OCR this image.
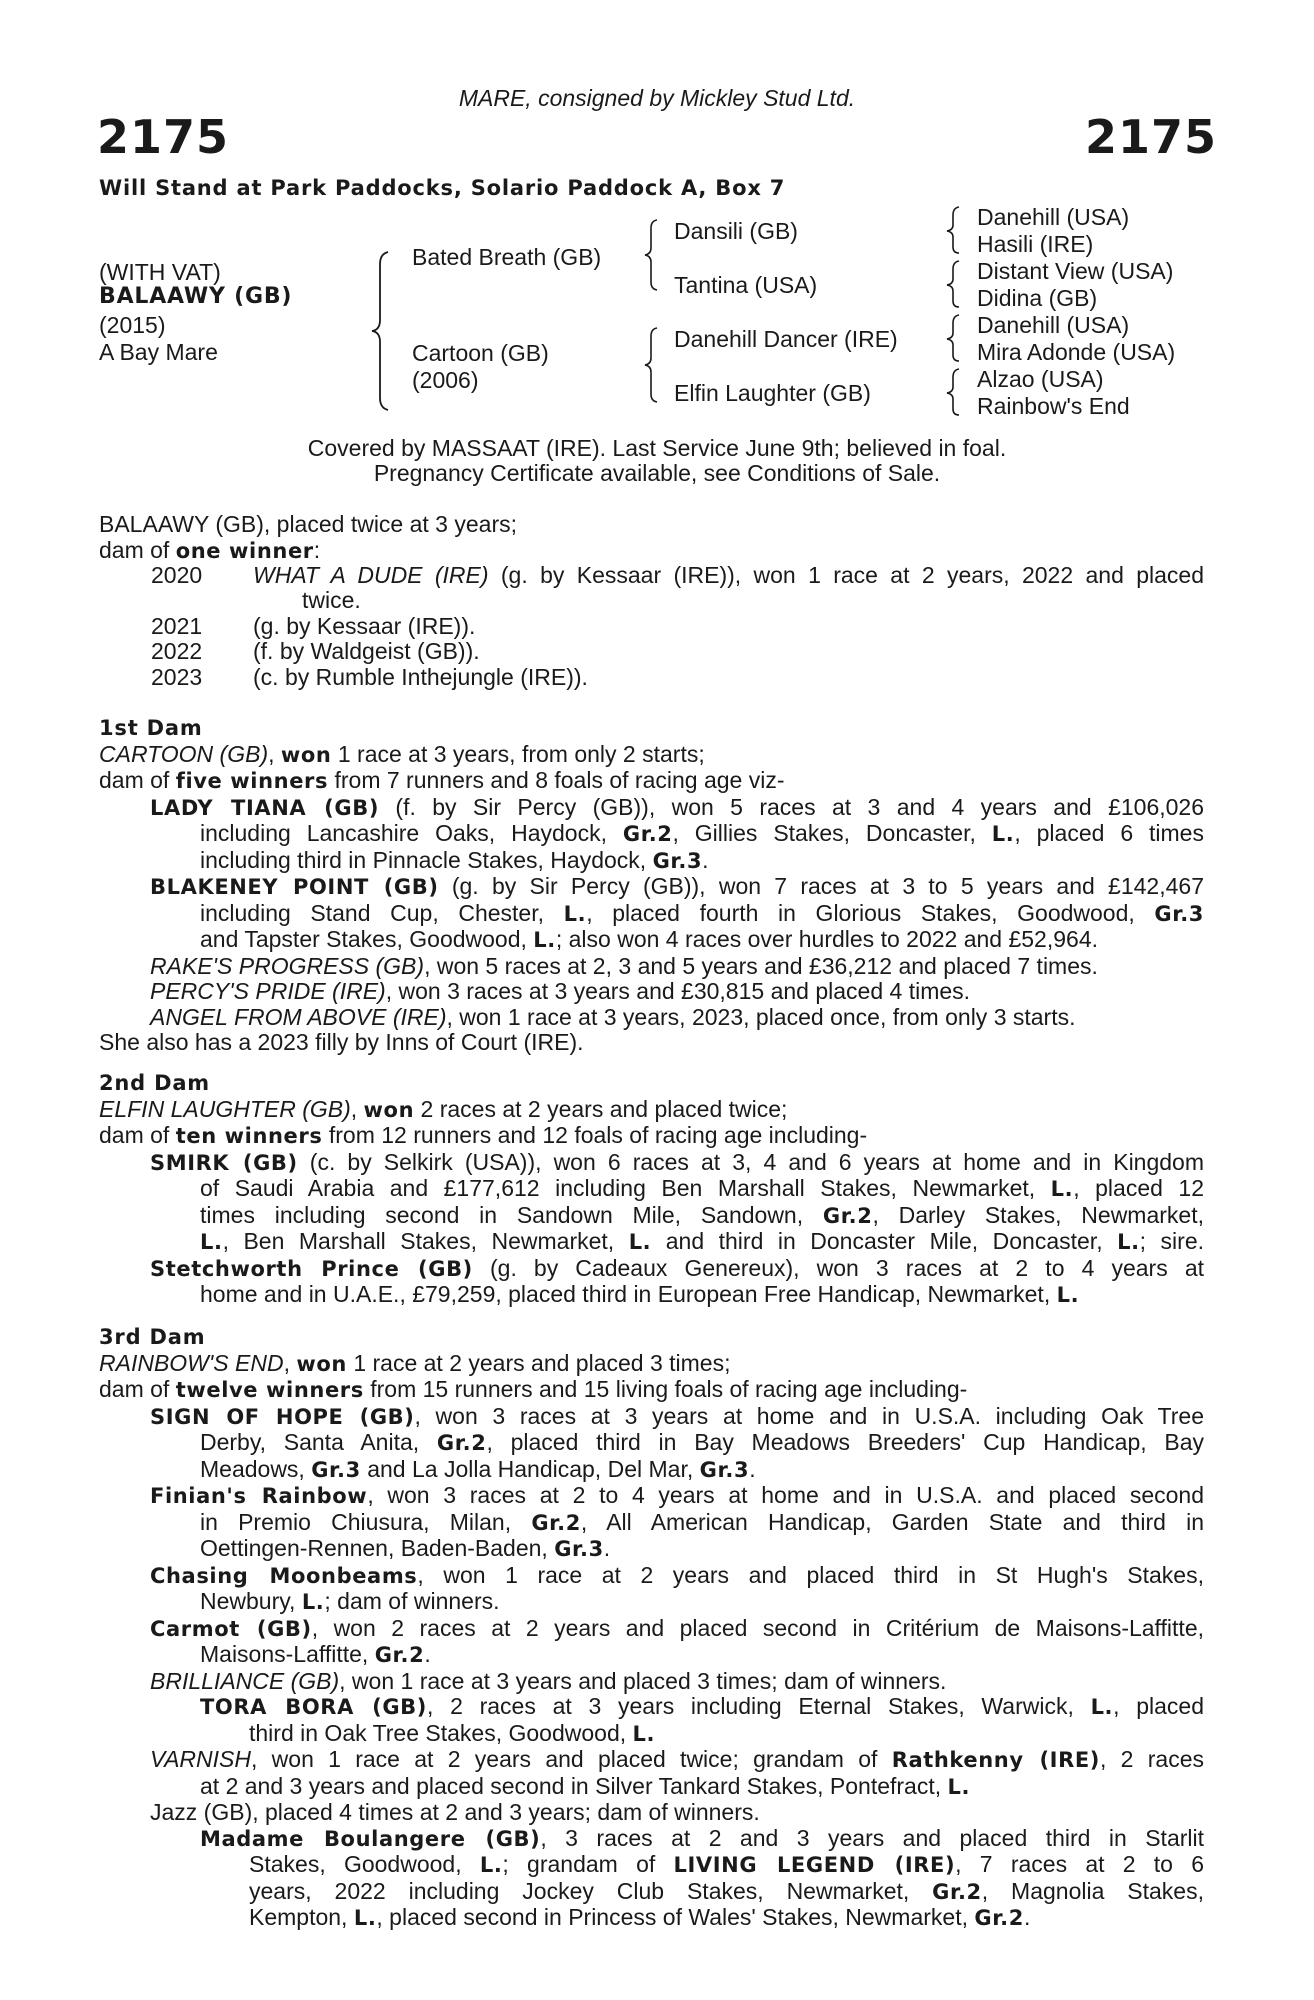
MARE, consigned by Mickley Stud Ltd.
2175	2175
Will Stand at Park Paddocks, Solario Paddock A, Box 7
(WITH VAT)
BALAAWY (GB)
(2015)
A Bay Mare
Bated Breath (GB)
Cartoon (GB)
(2006)
Dansili (GB)
Tantina (USA)
Danehill Dancer (IRE)
Elfin Laughter (GB)
Danehill (USA)
Hasili (IRE)
Distant View (USA)
Didina (GB)
Danehill (USA)
Mira Adonde (USA)
Alzao (USA)
Rainbow's End
Covered by MASSAAT (IRE). Last Service June 9th; believed in foal.
Pregnancy Certificate available, see Conditions of Sale.
BALAAWY (GB), placed twice at 3 years;
dam of one winner:
2020 WHAT A DUDE (IRE) (g. by Kessaar (IRE)), won 1 race at 2 years, 2022 and placed
twice.
2021 (g. by Kessaar (IRE)).
2022 (f. by Waldgeist (GB)).
2023 (c. by Rumble Inthejungle (IRE)).
1st Dam
CARTOON (GB), won 1 race at 3 years, from only 2 starts;
dam of five winners from 7 runners and 8 foals of racing age viz-
LADY TIANA (GB) (f. by Sir Percy (GB)), won 5 races at 3 and 4 years and £106,026
including Lancashire Oaks, Haydock, Gr.2, Gillies Stakes, Doncaster, L., placed 6 times
including third in Pinnacle Stakes, Haydock, Gr.3.
BLAKENEY POINT (GB) (g. by Sir Percy (GB)), won 7 races at 3 to 5 years and £142,467
including Stand Cup, Chester, L., placed fourth in Glorious Stakes, Goodwood, Gr.3
and Tapster Stakes, Goodwood, L.; also won 4 races over hurdles to 2022 and £52,964.
RAKE'S PROGRESS (GB), won 5 races at 2, 3 and 5 years and £36,212 and placed 7 times.
PERCY'S PRIDE (IRE), won 3 races at 3 years and £30,815 and placed 4 times.
ANGEL FROM ABOVE (IRE), won 1 race at 3 years, 2023, placed once, from only 3 starts.
She also has a 2023 filly by Inns of Court (IRE).
2nd Dam
ELFIN LAUGHTER (GB), won 2 races at 2 years and placed twice;
dam of ten winners from 12 runners and 12 foals of racing age including-
SMIRK (GB) (c. by Selkirk (USA)), won 6 races at 3, 4 and 6 years at home and in Kingdom
of Saudi Arabia and £177,612 including Ben Marshall Stakes, Newmarket, L., placed 12
times including second in Sandown Mile, Sandown, Gr.2, Darley Stakes, Newmarket,
L., Ben Marshall Stakes, Newmarket, L. and third in Doncaster Mile, Doncaster, L.; sire.
Stetchworth Prince (GB) (g. by Cadeaux Genereux), won 3 races at 2 to 4 years at
home and in U.A.E., £79,259, placed third in European Free Handicap, Newmarket, L.
3rd Dam
RAINBOW'S END, won 1 race at 2 years and placed 3 times;
dam of twelve winners from 15 runners and 15 living foals of racing age including-
SIGN OF HOPE (GB), won 3 races at 3 years at home and in U.S.A. including Oak Tree
Derby, Santa Anita, Gr.2, placed third in Bay Meadows Breeders' Cup Handicap, Bay
Meadows, Gr.3 and La Jolla Handicap, Del Mar, Gr.3.
Finian's Rainbow, won 3 races at 2 to 4 years at home and in U.S.A. and placed second
in Premio Chiusura, Milan, Gr.2, All American Handicap, Garden State and third in
Oettingen-Rennen, Baden-Baden, Gr.3.
Chasing Moonbeams, won 1 race at 2 years and placed third in St Hugh's Stakes,
Newbury, L.; dam of winners.
Carmot (GB), won 2 races at 2 years and placed second in Critérium de Maisons-Laffitte,
Maisons-Laffitte, Gr.2.
BRILLIANCE (GB), won 1 race at 3 years and placed 3 times; dam of winners.
TORA BORA (GB), 2 races at 3 years including Eternal Stakes, Warwick, L., placed
third in Oak Tree Stakes, Goodwood, L.
VARNISH, won 1 race at 2 years and placed twice; grandam of Rathkenny (IRE), 2 races
at 2 and 3 years and placed second in Silver Tankard Stakes, Pontefract, L.
Jazz (GB), placed 4 times at 2 and 3 years; dam of winners.
Madame Boulangere (GB), 3 races at 2 and 3 years and placed third in Starlit
Stakes, Goodwood, L.; grandam of LIVING LEGEND (IRE), 7 races at 2 to 6
years, 2022 including Jockey Club Stakes, Newmarket, Gr.2, Magnolia Stakes,
Kempton, L., placed second in Princess of Wales' Stakes, Newmarket, Gr.2.
